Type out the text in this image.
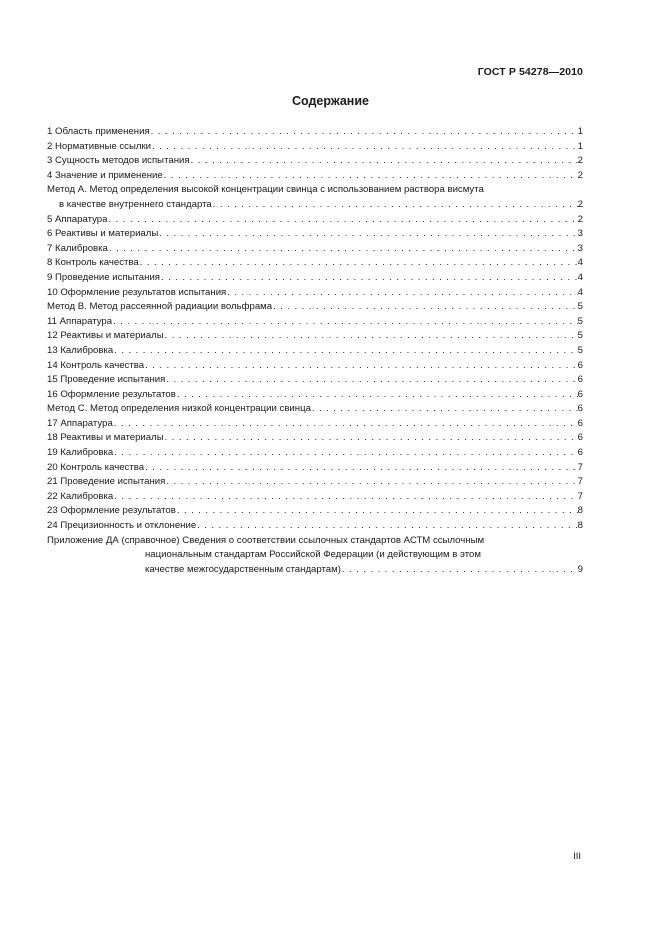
ГОСТ Р 54278—2010
Содержание
1 Область применения . . .	1
2 Нормативные ссылки . . .	1
3 Сущность методов испытания . . .	2
4 Значение и применение . . .	2
Метод А. Метод определения высокой концентрации свинца с использованием раствора висмута
в качестве внутреннего стандарта . . .	2
5 Аппаратура . . .	2
6 Реактивы и материалы . . .	3
7 Калибровка . . .	3
8 Контроль качества . . .	4
9 Проведение испытания . . .	4
10 Оформление результатов испытания . . .	4
Метод В. Метод рассеянной радиации вольфрама . . .	5
11 Аппаратура . . .	5
12 Реактивы и материалы . . .	5
13 Калибровка . . .	5
14 Контроль качества . . .	6
15 Проведение испытания . . .	6
16 Оформление результатов . . .	6
Метод С. Метод определения низкой концентрации свинца . . .	6
17 Аппаратура . . .	6
18 Реактивы и материалы . . .	6
19 Калибровка . . .	6
20 Контроль качества . . .	7
21 Проведение испытания . . .	7
22 Калибровка . . .	7
23 Оформление результатов . . .	8
24 Прецизионность и отклонение . . .	8
Приложение ДА (справочное) Сведения о соответствии ссылочных стандартов АСТМ ссылочным
национальным стандартам Российской Федерации (и действующим в этом
качестве межгосударственным стандартам) . . .	9
III
